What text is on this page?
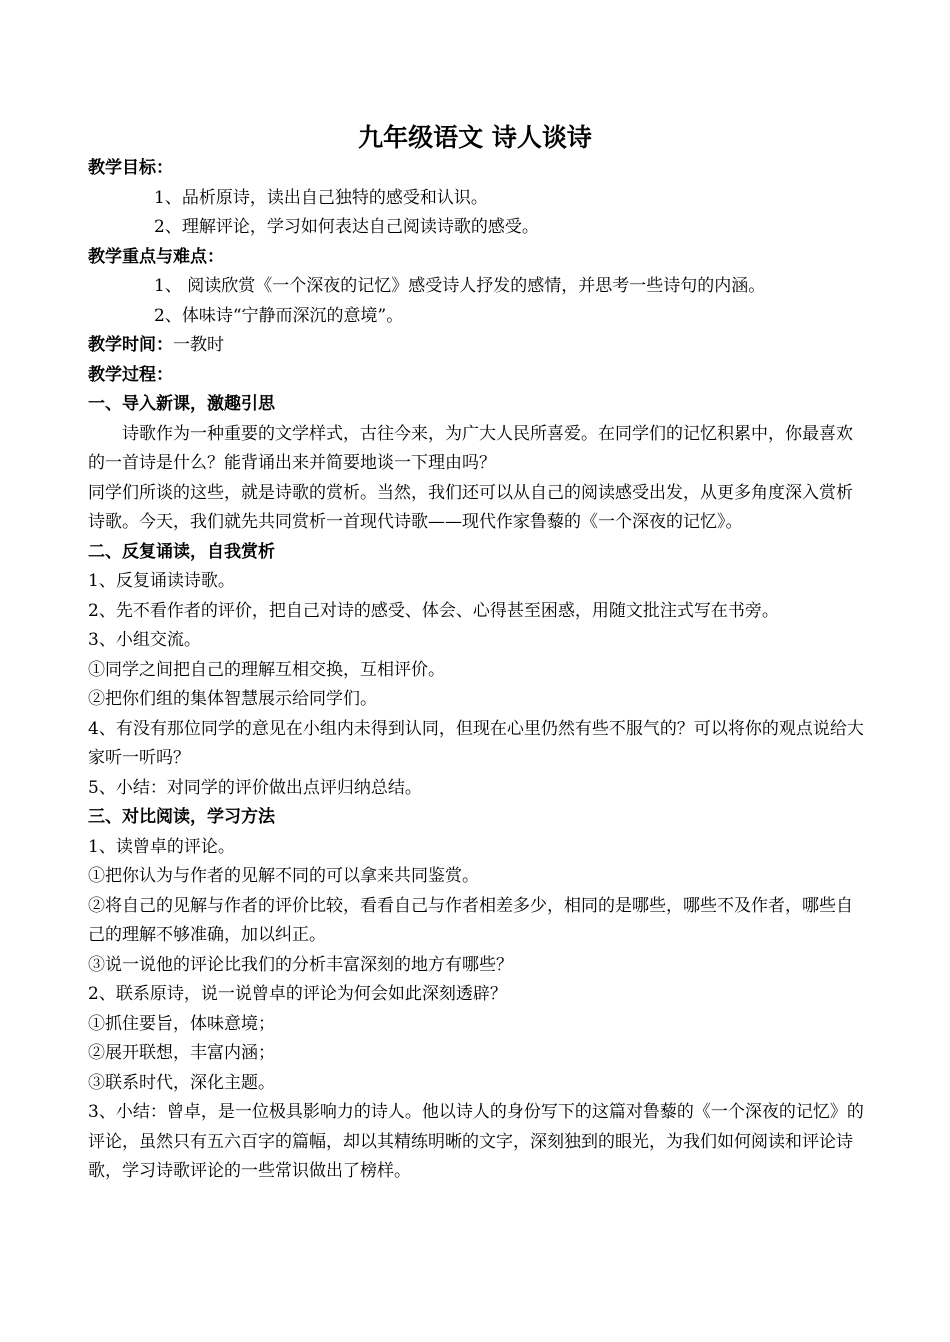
九年级语文 诗人谈诗

教学目标：

1、品析原诗，读出自己独特的感受和认识。

2、理解评论，学习如何表达自己阅读诗歌的感受。

教学重点与难点：

1、 阅读欣赏《一个深夜的记忆》感受诗人抒发的感情，并思考一些诗句的内涵。

2、体味诗“宁静而深沉的意境”。

教学时间：一教时

教学过程：

一、导入新课，激趣引思

诗歌作为一种重要的文学样式，古往今来，为广大人民所喜爱。在同学们的记忆积累中，你最喜欢的一首诗是什么？能背诵出来并简要地谈一下理由吗？

同学们所谈的这些，就是诗歌的赏析。当然，我们还可以从自己的阅读感受出发，从更多角度深入赏析诗歌。今天，我们就先共同赏析一首现代诗歌——现代作家鲁藜的《一个深夜的记忆》。

二、反复诵读，自我赏析

1、反复诵读诗歌。

2、先不看作者的评价，把自己对诗的感受、体会、心得甚至困惑，用随文批注式写在书旁。

3、小组交流。

①同学之间把自己的理解互相交换，互相评价。

②把你们组的集体智慧展示给同学们。

4、有没有那位同学的意见在小组内未得到认同，但现在心里仍然有些不服气的？可以将你的观点说给大家听一听吗？

5、小结：对同学的评价做出点评归纳总结。

三、对比阅读，学习方法

1、读曾卓的评论。

①把你认为与作者的见解不同的可以拿来共同鉴赏。

②将自己的见解与作者的评价比较，看看自己与作者相差多少，相同的是哪些，哪些不及作者，哪些自己的理解不够准确，加以纠正。

③说一说他的评论比我们的分析丰富深刻的地方有哪些？

2、联系原诗，说一说曾卓的评论为何会如此深刻透辟？

①抓住要旨，体味意境；

②展开联想，丰富内涵；

③联系时代，深化主题。

3、小结：曾卓，是一位极具影响力的诗人。他以诗人的身份写下的这篇对鲁藜的《一个深夜的记忆》的评论，虽然只有五六百字的篇幅，却以其精练明晰的文字，深刻独到的眼光，为我们如何阅读和评论诗歌，学习诗歌评论的一些常识做出了榜样。
